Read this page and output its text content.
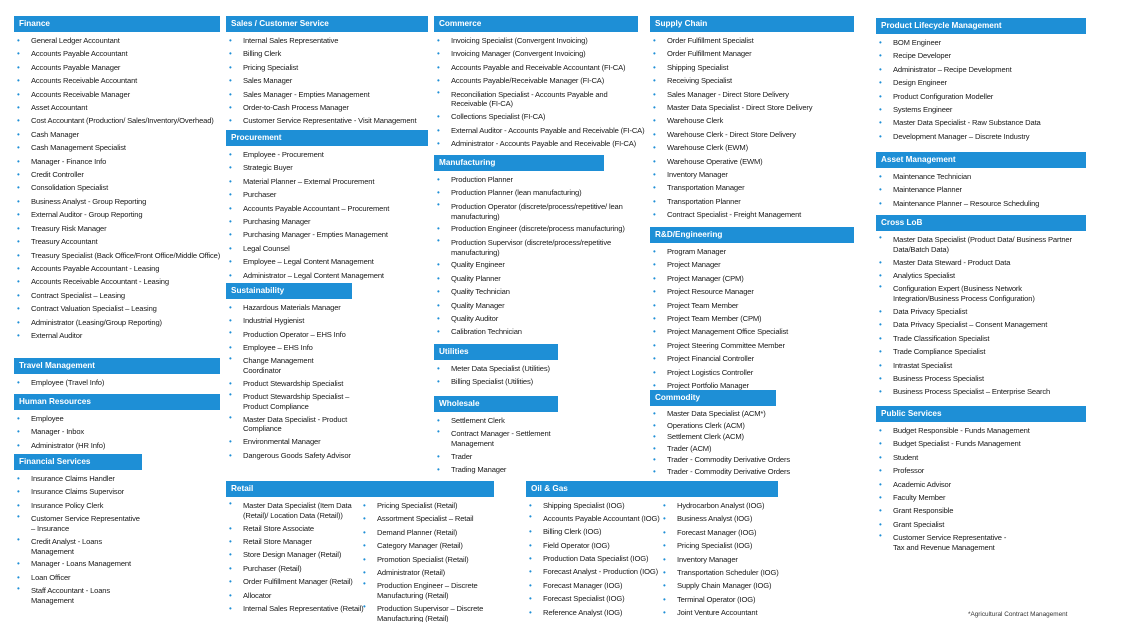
Finance
• General Ledger Accountant
• Accounts Payable Accountant
• Accounts Payable Manager
• Accounts Receivable Accountant
• Accounts Receivable Manager
• Asset Accountant
• Cost Accountant (Production/ Sales/Inventory/Overhead)
• Cash Manager
• Cash Management Specialist
• Manager - Finance Info
• Credit Controller
• Consolidation Specialist
• Business Analyst - Group Reporting
• External Auditor - Group Reporting
• Treasury Risk Manager
• Treasury Accountant
• Treasury Specialist (Back Office/Front Office/Middle Office)
• Accounts Payable Accountant - Leasing
• Accounts Receivable Accountant - Leasing
• Contract Specialist – Leasing
• Contract Valuation Specialist – Leasing
• Administrator (Leasing/Group Reporting)
• External Auditor
Travel Management
• Employee (Travel Info)
Human Resources
• Employee
• Manager - Inbox
• Administrator (HR Info)
Financial Services
• Insurance Claims Handler
• Insurance Claims Supervisor
• Insurance Policy Clerk
• Customer Service Representative – Insurance
• Credit Analyst - Loans Management
• Manager - Loans Management
• Loan Officer
• Staff Accountant - Loans Management
Sales / Customer Service
• Internal Sales Representative
• Billing Clerk
• Pricing Specialist
• Sales Manager
• Sales Manager - Empties Management
• Order-to-Cash Process Manager
• Customer Service Representative - Visit Management
Procurement
• Employee - Procurement
• Strategic Buyer
• Material Planner – External Procurement
• Purchaser
• Accounts Payable Accountant – Procurement
• Purchasing Manager
• Purchasing Manager - Empties Management
• Legal Counsel
• Employee – Legal Content Management
• Administrator – Legal Content Management
Sustainability
• Hazardous Materials Manager
• Industrial Hygienist
• Production Operator – EHS Info
• Employee – EHS Info
• Change Management Coordinator
• Product Stewardship Specialist
• Product Stewardship Specialist – Product Compliance
• Master Data Specialist - Product Compliance
• Environmental Manager
• Dangerous Goods Safety Advisor
Commerce
• Invoicing Specialist (Convergent Invoicing)
• Invoicing Manager (Convergent Invoicing)
• Accounts Payable and Receivable Accountant (FI-CA)
• Accounts Payable/Receivable Manager (FI-CA)
• Reconciliation Specialist - Accounts Payable and Receivable (FI-CA)
• Collections Specialist (FI-CA)
• External Auditor - Accounts Payable and Receivable (FI-CA)
• Administrator - Accounts Payable and Receivable (FI-CA)
Manufacturing
• Production Planner
• Production Planner (lean manufacturing)
• Production Operator (discrete/process/repetitive/ lean manufacturing)
• Production Engineer (discrete/process manufacturing)
• Production Supervisor (discrete/process/repetitive manufacturing)
• Quality Engineer
• Quality Planner
• Quality Technician
• Quality Manager
• Quality Auditor
• Calibration Technician
Utilities
• Meter Data Specialist (Utilities)
• Billing Specialist (Utilities)
Wholesale
• Settlement Clerk
• Contract Manager - Settlement Management
• Trader
• Trading Manager
Supply Chain
• Order Fulfillment Specialist
• Order Fulfillment Manager
• Shipping Specialist
• Receiving Specialist
• Sales Manager - Direct Store Delivery
• Master Data Specialist - Direct Store Delivery
• Warehouse Clerk
• Warehouse Clerk - Direct Store Delivery
• Warehouse Clerk (EWM)
• Warehouse Operative (EWM)
• Inventory Manager
• Transportation Manager
• Transportation Planner
• Contract Specialist - Freight Management
R&D/Engineering
• Program Manager
• Project Manager
• Project Manager (CPM)
• Project Resource Manager
• Project Team Member
• Project Team Member (CPM)
• Project Management Office Specialist
• Project Steering Committee Member
• Project Financial Controller
• Project Logistics Controller
• Project Portfolio Manager
Commodity
• Master Data Specialist (ACM*)
• Operations Clerk (ACM)
• Settlement Clerk (ACM)
• Trader (ACM)
• Trader - Commodity Derivative Orders
• Trader - Commodity Derivative Orders
Product Lifecycle Management
• BOM Engineer
• Recipe Developer
• Administrator – Recipe Development
• Design Engineer
• Product Configuration Modeller
• Systems Engineer
• Master Data Specialist - Raw Substance Data
• Development Manager – Discrete Industry
Asset Management
• Maintenance Technician
• Maintenance Planner
• Maintenance Planner – Resource Scheduling
Cross LoB
• Master Data Specialist (Product Data/ Business Partner Data/Batch Data)
• Master Data Steward - Product Data
• Analytics Specialist
• Configuration Expert (Business Network Integration/Business Process Configuration)
• Data Privacy Specialist
• Data Privacy Specialist – Consent Management
• Trade Classification Specialist
• Trade Compliance Specialist
• Intrastat Specialist
• Business Process Specialist
• Business Process Specialist – Enterprise Search
Public Services
• Budget Responsible - Funds Management
• Budget Specialist - Funds Management
• Student
• Professor
• Academic Advisor
• Faculty Member
• Grant Responsible
• Grant Specialist
• Customer Service Representative - Tax and Revenue Management
Retail
• Master Data Specialist (Item Data (Retail)/ Location Data (Retail))
• Retail Store Associate
• Retail Store Manager
• Store Design Manager (Retail)
• Purchaser (Retail)
• Order Fulfillment Manager (Retail)
• Allocator
• Internal Sales Representative (Retail)
• Pricing Specialist (Retail)
• Assortment Specialist – Retail
• Demand Planner (Retail)
• Category Manager (Retail)
• Promotion Specialist (Retail)
• Administrator (Retail)
• Production Engineer – Discrete Manufacturing (Retail)
• Production Supervisor – Discrete Manufacturing (Retail)
Oil & Gas
• Shipping Specialist (IOG)
• Accounts Payable Accountant (IOG)
• Billing Clerk (IOG)
• Field Operator (IOG)
• Production Data Specialist (IOG)
• Forecast Analyst - Production (IOG)
• Forecast Manager (IOG)
• Forecast Specialist (IOG)
• Reference Analyst (IOG)
• Hydrocarbon Analyst (IOG)
• Business Analyst (IOG)
• Forecast Manager (IOG)
• Pricing Specialist (IOG)
• Inventory Manager
• Transportation Scheduler (IOG)
• Supply Chain Manager (IOG)
• Terminal Operator (IOG)
• Joint Venture Accountant	*Agricultural Contract Management
